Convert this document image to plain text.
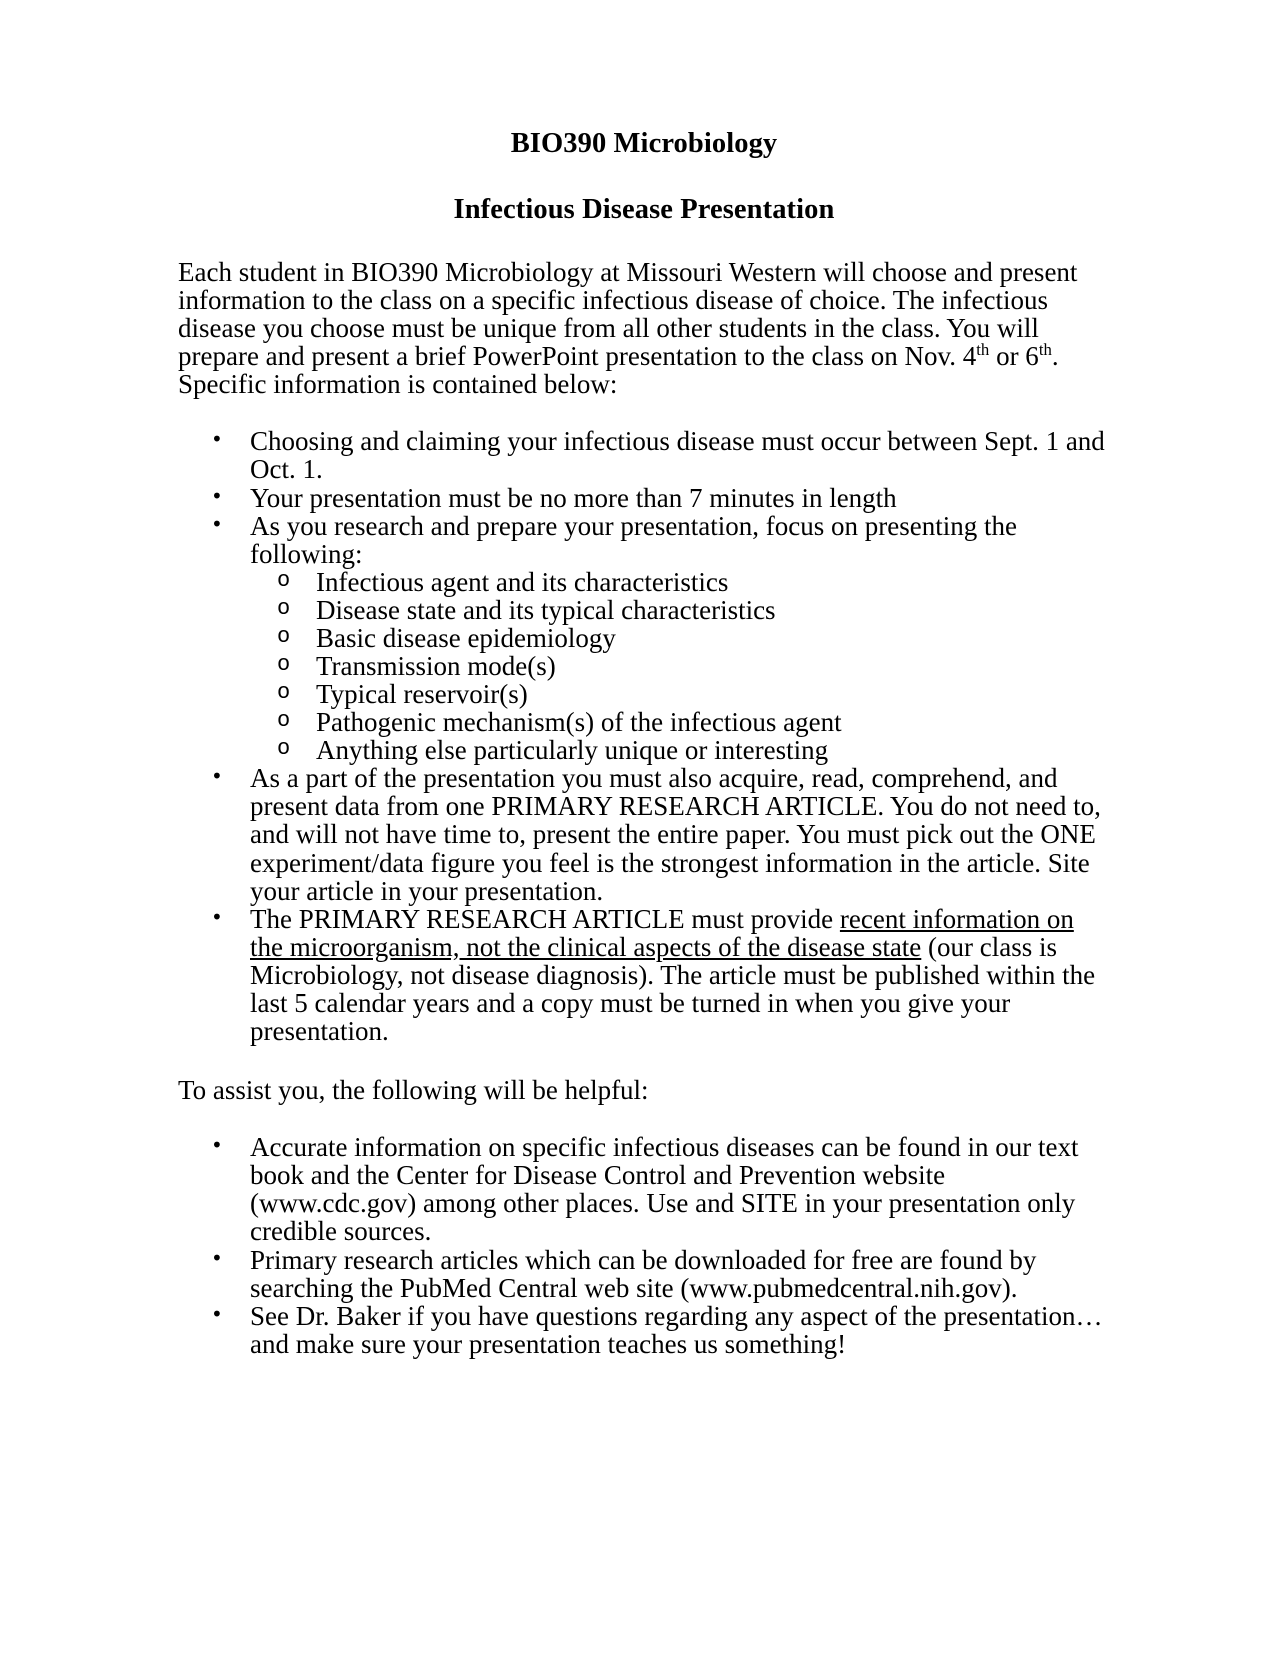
BIO390 Microbiology
Infectious Disease Presentation

Each student in BIO390 Microbiology at Missouri Western will choose and present information to the class on a specific infectious disease of choice. The infectious disease you choose must be unique from all other students in the class. You will prepare and present a brief PowerPoint presentation to the class on Nov. 4th or 6th. Specific information is contained below:

• Choosing and claiming your infectious disease must occur between Sept. 1 and Oct. 1.
• Your presentation must be no more than 7 minutes in length
• As you research and prepare your presentation, focus on presenting the following:
o Infectious agent and its characteristics
o Disease state and its typical characteristics
o Basic disease epidemiology
o Transmission mode(s)
o Typical reservoir(s)
o Pathogenic mechanism(s) of the infectious agent
o Anything else particularly unique or interesting
• As a part of the presentation you must also acquire, read, comprehend, and present data from one PRIMARY RESEARCH ARTICLE. You do not need to, and will not have time to, present the entire paper. You must pick out the ONE experiment/data figure you feel is the strongest information in the article. Site your article in your presentation.
• The PRIMARY RESEARCH ARTICLE must provide recent information on the microorganism, not the clinical aspects of the disease state (our class is Microbiology, not disease diagnosis). The article must be published within the last 5 calendar years and a copy must be turned in when you give your presentation.

To assist you, the following will be helpful:

• Accurate information on specific infectious diseases can be found in our text book and the Center for Disease Control and Prevention website (www.cdc.gov) among other places. Use and SITE in your presentation only credible sources.
• Primary research articles which can be downloaded for free are found by searching the PubMed Central web site (www.pubmedcentral.nih.gov).
• See Dr. Baker if you have questions regarding any aspect of the presentation… and make sure your presentation teaches us something!
